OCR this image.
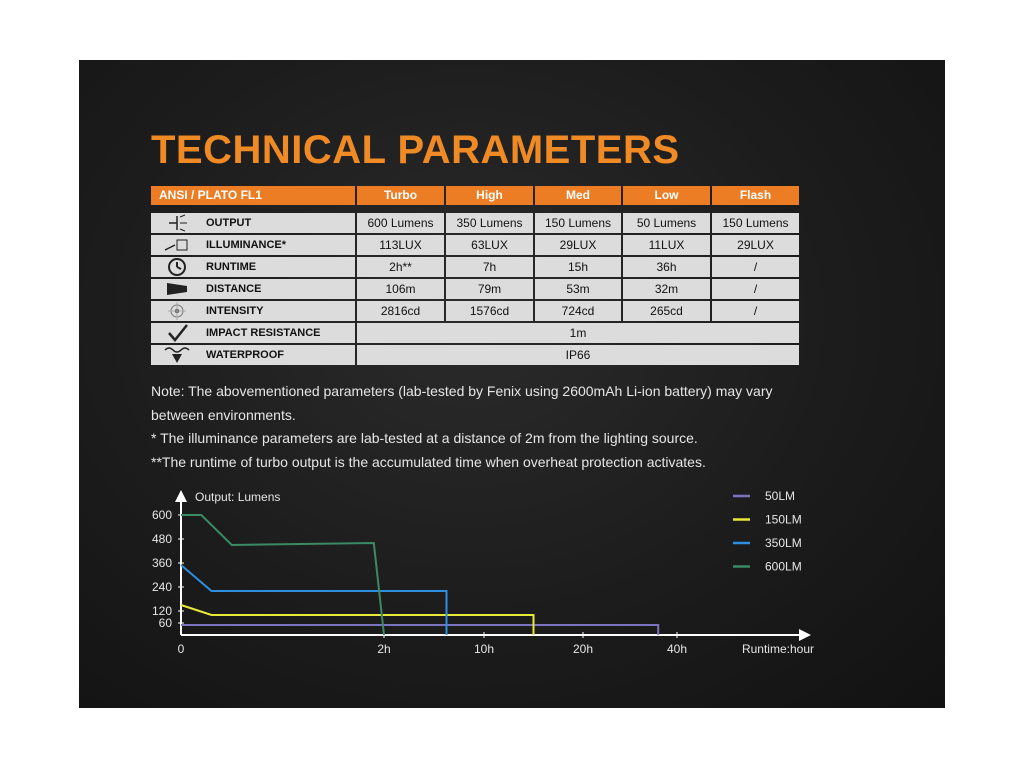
TECHNICAL PARAMETERS
ANSI / PLATO FL1	Turbo	High	Med	Low	Flash
OUTPUT	600 Lumens	350 Lumens	150 Lumens	50 Lumens	150 Lumens
ILLUMINANCE*	113LUX	63LUX	29LUX	11LUX	29LUX
RUNTIME	2h**	7h	15h	36h	/
DISTANCE	106m	79m	53m	32m	/
INTENSITY	2816cd	1576cd	724cd	265cd	/
IMPACT RESISTANCE	1m
WATERPROOF	IP66
Note: The abovementioned parameters (lab-tested by Fenix using 2600mAh Li-ion battery) may vary
between environments.
* The illuminance parameters are lab-tested at a distance of 2m from the lighting source.
**The runtime of turbo output is the accumulated time when overheat protection activates.
Output: Lumens
60
120
240
360
480
600
0	2h	10h	20h	40h	Runtime:hour
50LM
150LM
350LM
600LM
